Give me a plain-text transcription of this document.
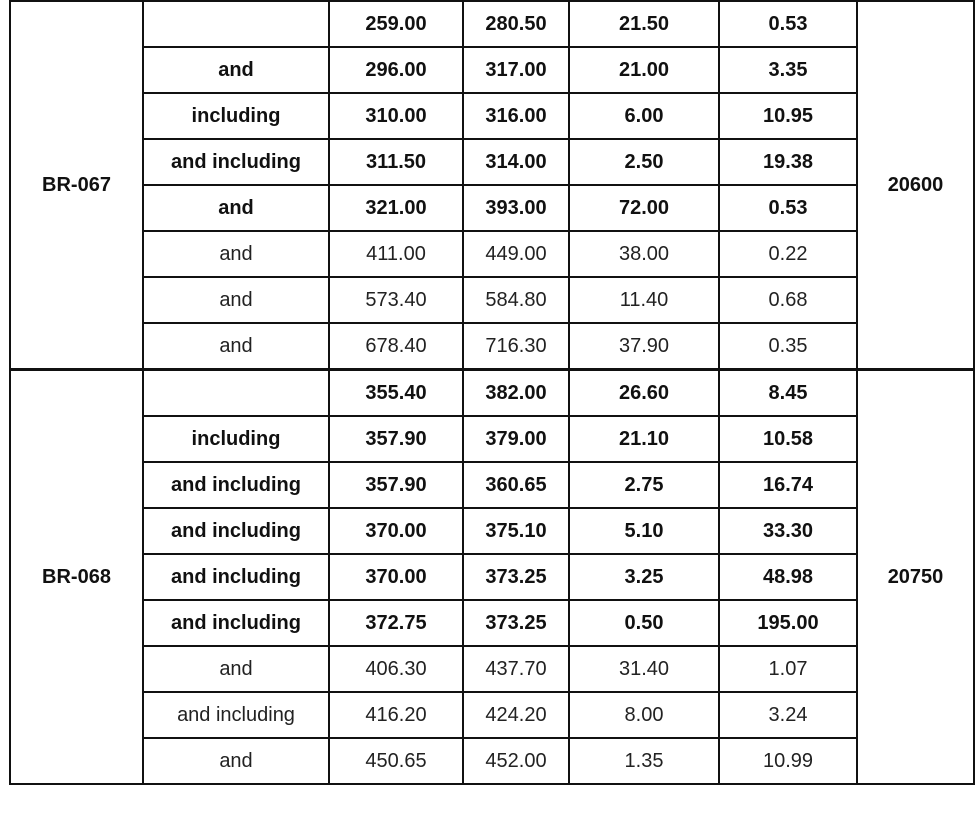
BR-067		259.00	280.50	21.50	0.53	20600
	and	296.00	317.00	21.00	3.35	
	including	310.00	316.00	6.00	10.95	
	and including	311.50	314.00	2.50	19.38	
	and	321.00	393.00	72.00	0.53	
	and	411.00	449.00	38.00	0.22	
	and	573.40	584.80	11.40	0.68	
	and	678.40	716.30	37.90	0.35	
BR-068		355.40	382.00	26.60	8.45	20750
	including	357.90	379.00	21.10	10.58	
	and including	357.90	360.65	2.75	16.74	
	and including	370.00	375.10	5.10	33.30	
	and including	370.00	373.25	3.25	48.98	
	and including	372.75	373.25	0.50	195.00	
	and	406.30	437.70	31.40	1.07	
	and including	416.20	424.20	8.00	3.24	
	and	450.65	452.00	1.35	10.99	
